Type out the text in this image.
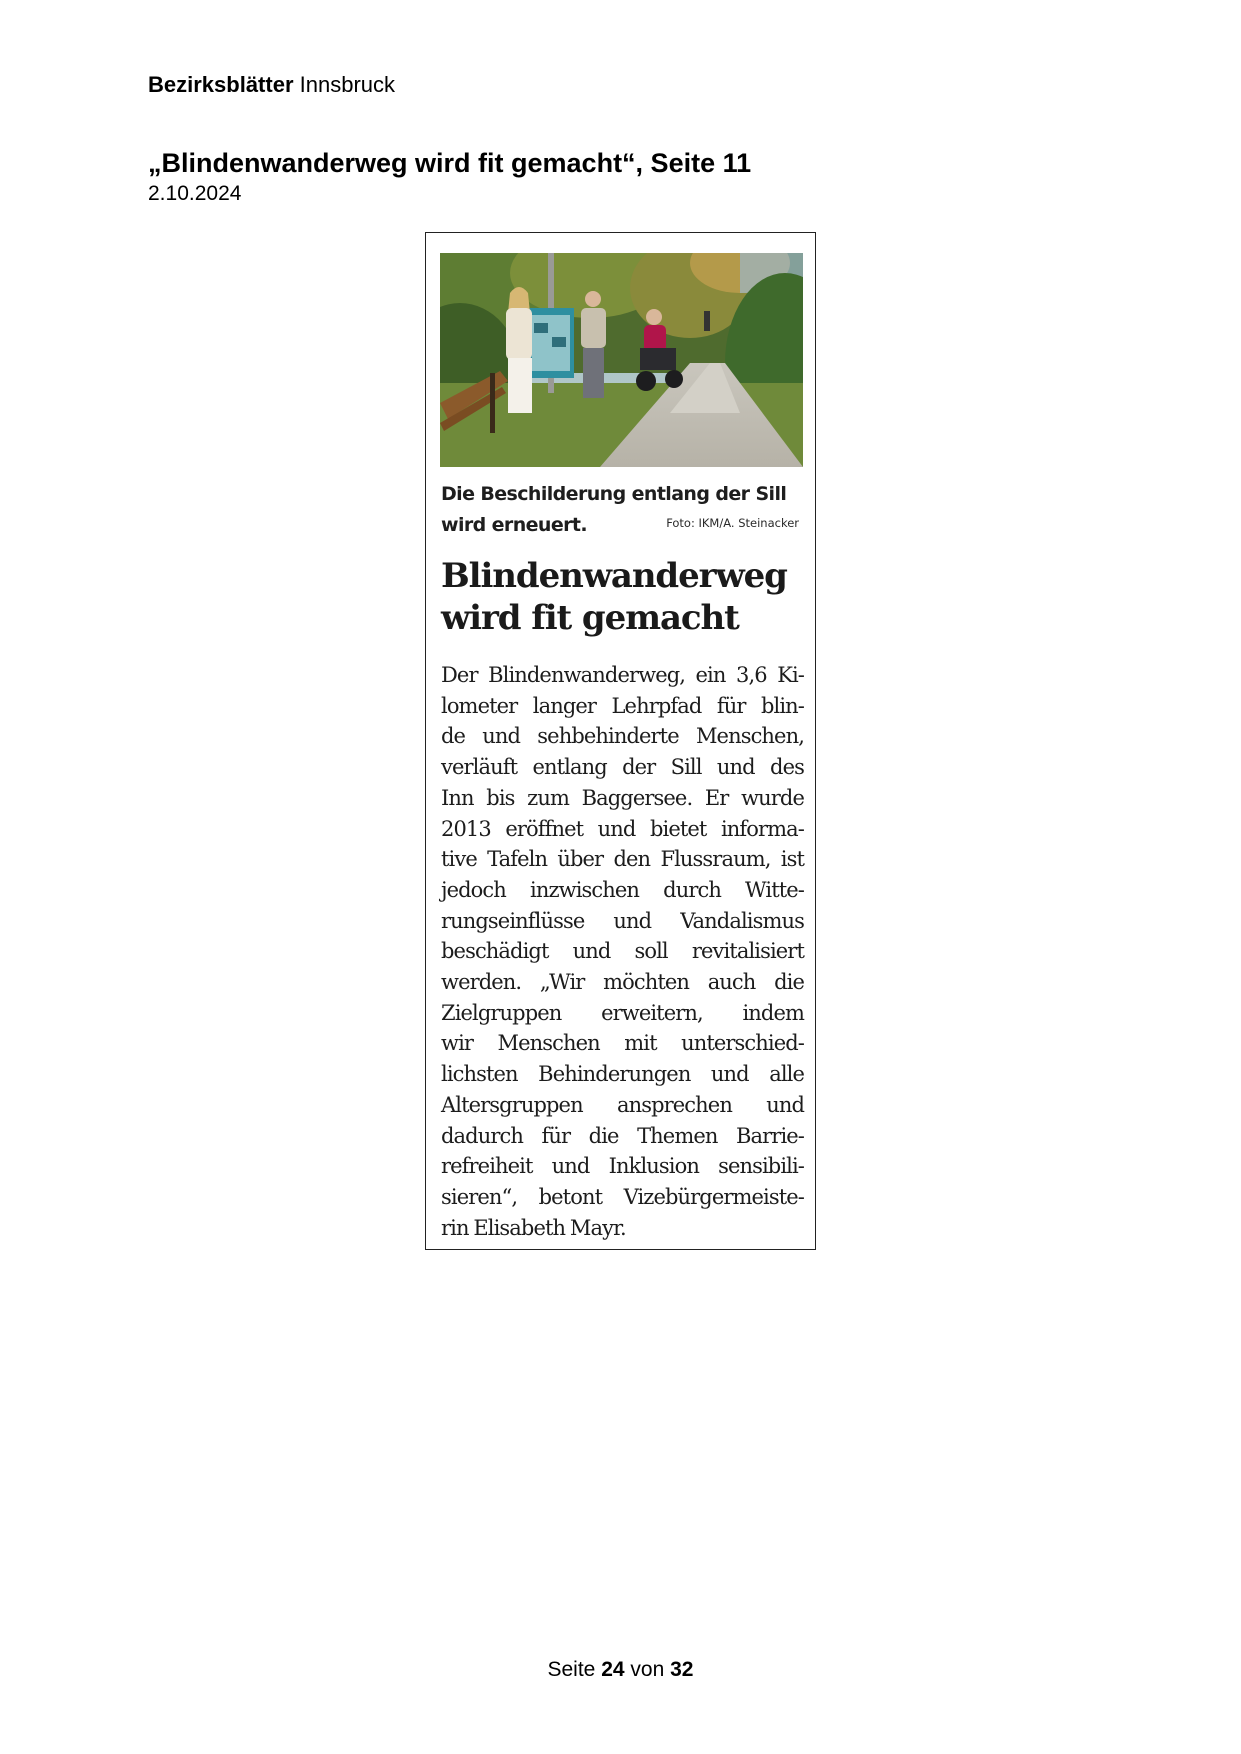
Bezirksblätter Innsbruck
„Blindenwanderweg wird fit gemacht“, Seite 11
2.10.2024
Die Beschilderung entlang der Sill
wird erneuert.	Foto: IKM/A. Steinacker
Blindenwanderweg
wird fit gemacht

Der Blindenwanderweg, ein 3,6 Ki-
lometer langer Lehrpfad für blin-
de und sehbehinderte Menschen,
verläuft entlang der Sill und des
Inn bis zum Baggersee. Er wurde
2013 eröffnet und bietet informa-
tive Tafeln über den Flussraum, ist
jedoch inzwischen durch Witte-
rungseinflüsse und Vandalismus
beschädigt und soll revitalisiert
werden. „Wir möchten auch die
Zielgruppen erweitern, indem
wir Menschen mit unterschied-
lichsten Behinderungen und alle
Altersgruppen ansprechen und
dadurch für die Themen Barrie-
refreiheit und Inklusion sensibili-
sieren“, betont Vizebürgermeiste-
rin Elisabeth Mayr.

Seite 24 von 32
